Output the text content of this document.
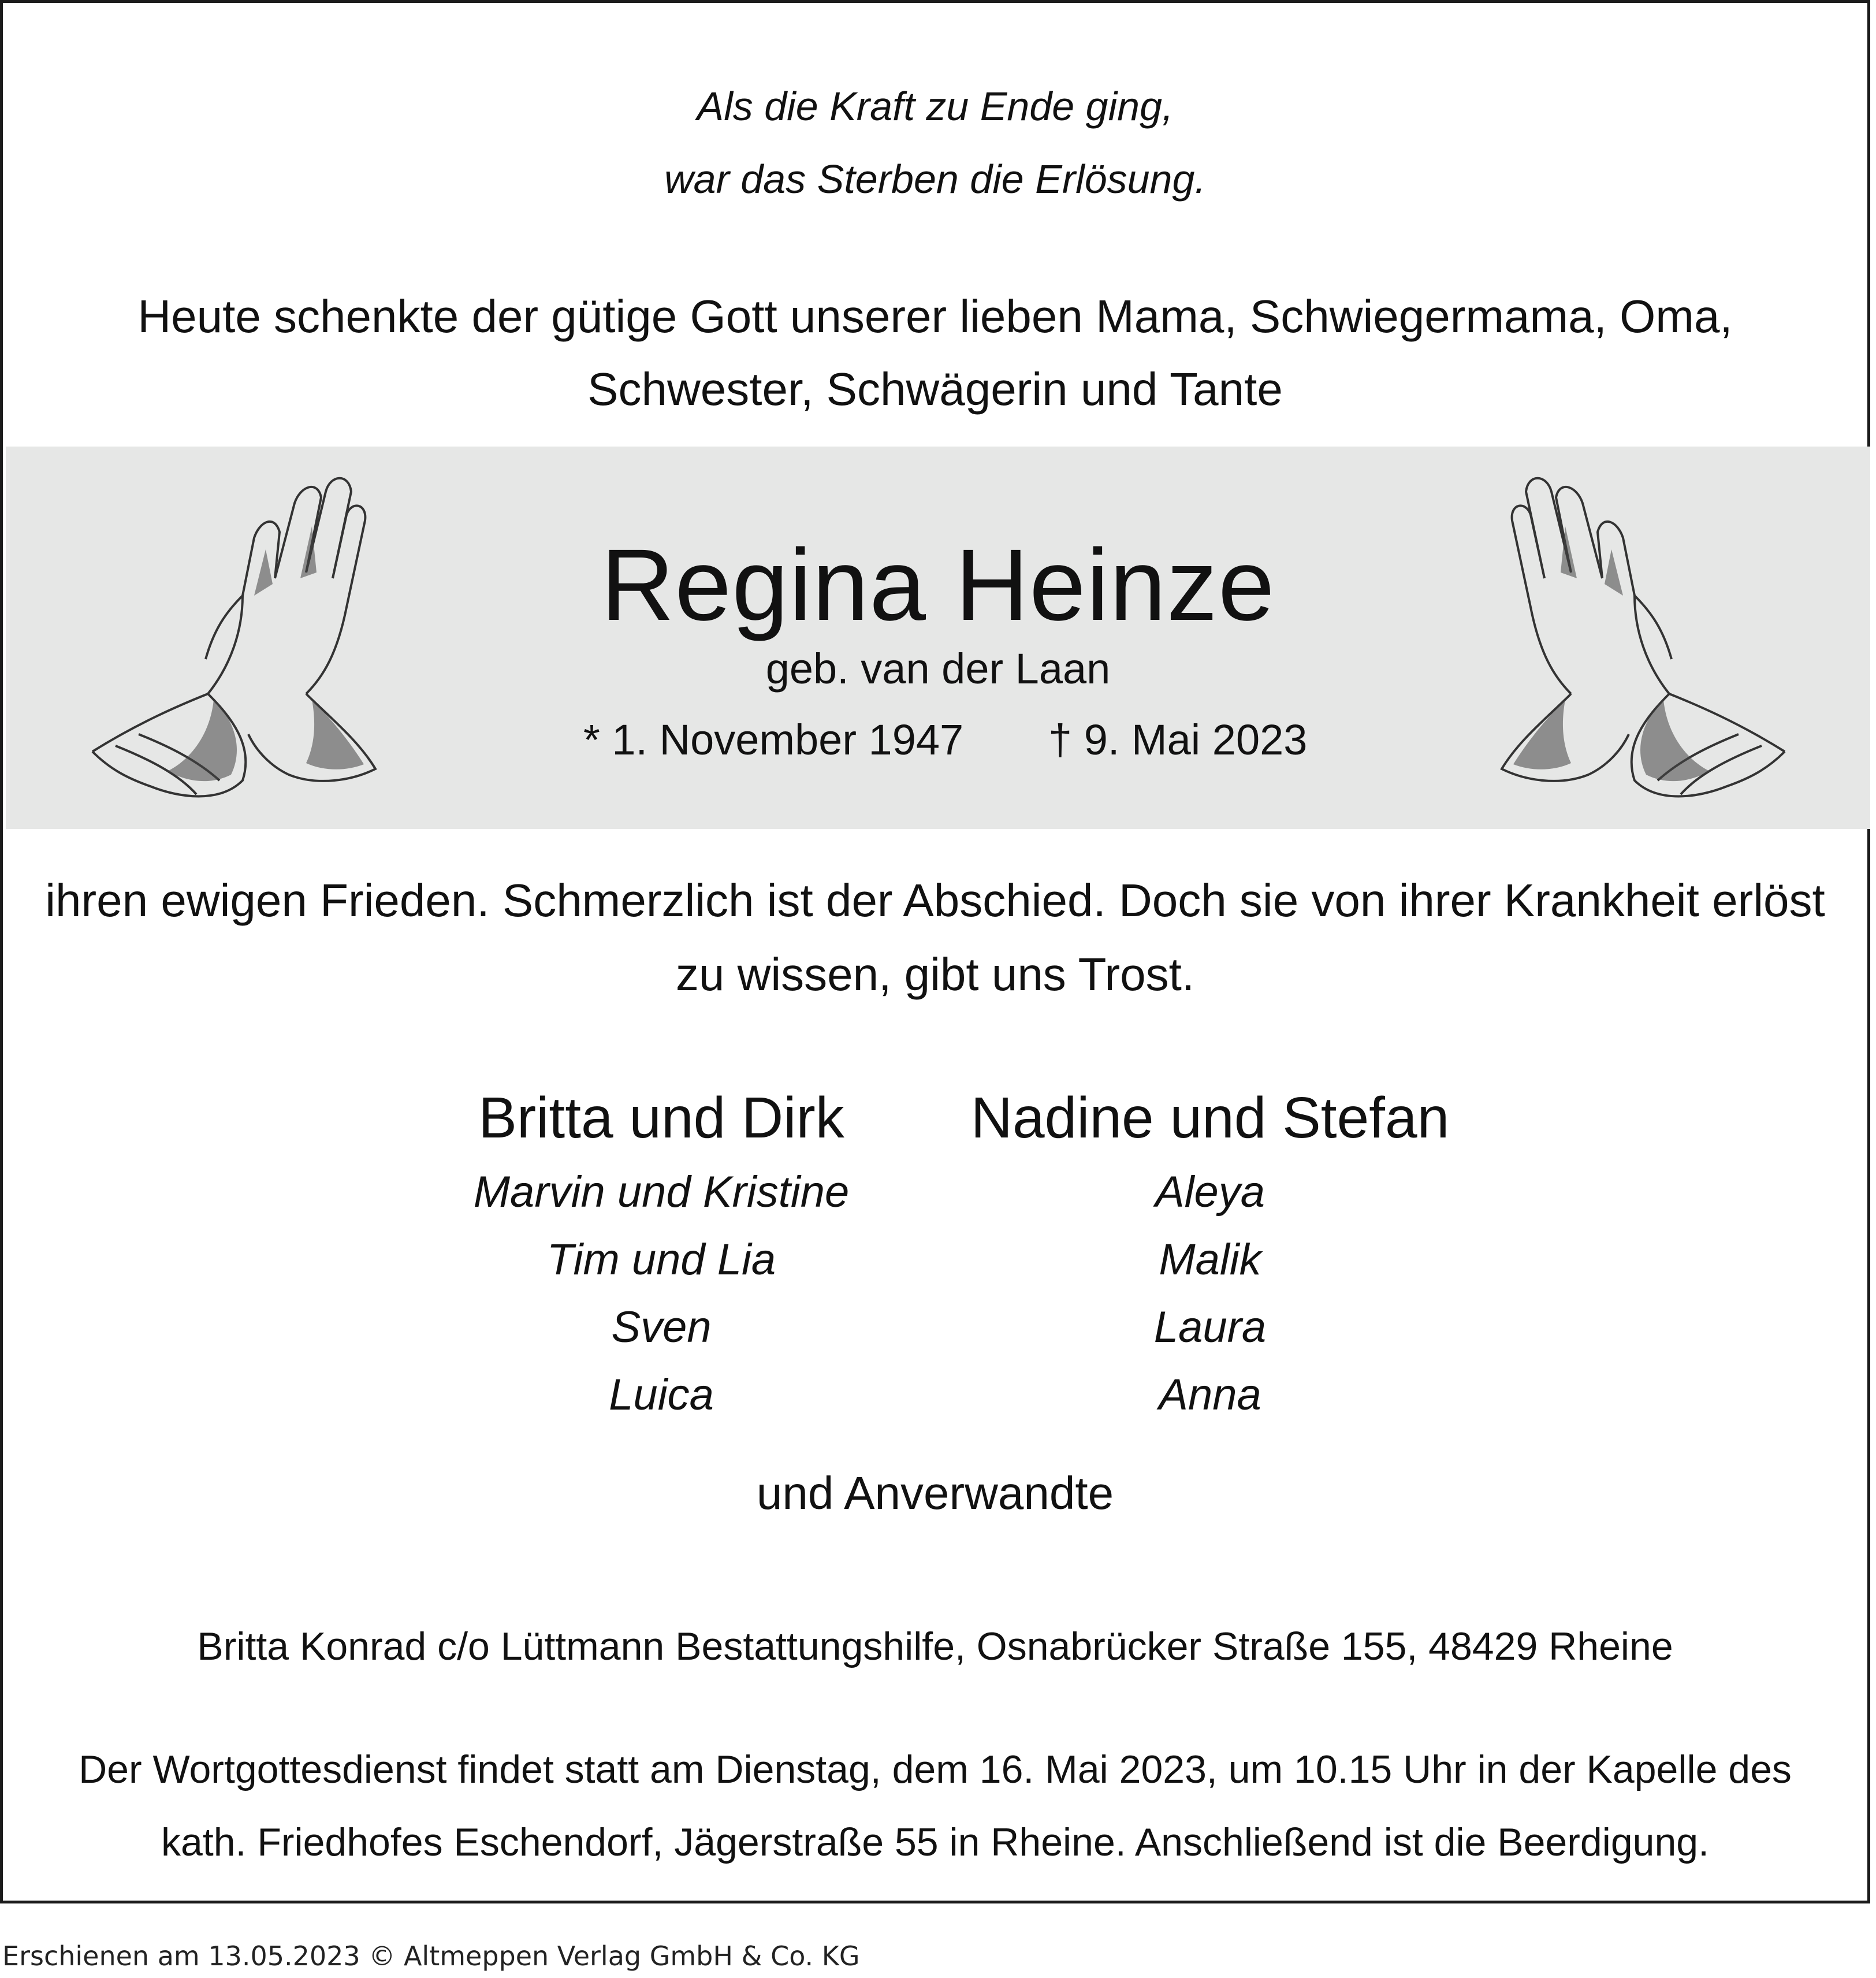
Als die Kraft zu Ende ging,
war das Sterben die Erlösung.
Heute schenkte der gütige Gott unserer lieben Mama, Schwiegermama, Oma,
Schwester, Schwägerin und Tante
Regina Heinze
geb. van der Laan
* 1. November 1947 † 9. Mai 2023
ihren ewigen Frieden. Schmerzlich ist der Abschied. Doch sie von ihrer Krankheit erlöst
zu wissen, gibt uns Trost.
Britta und Dirk
Marvin und Kristine
Tim und Lia
Sven
Luica
Nadine und Stefan
Aleya
Malik
Laura
Anna
und Anverwandte
Britta Konrad c/o Lüttmann Bestattungshilfe, Osnabrücker Straße 155, 48429 Rheine
Der Wortgottesdienst findet statt am Dienstag, dem 16. Mai 2023, um 10.15 Uhr in der Kapelle des
kath. Friedhofes Eschendorf, Jägerstraße 55 in Rheine. Anschließend ist die Beerdigung.
Erschienen am 13.05.2023 © Altmeppen Verlag GmbH & Co. KG
